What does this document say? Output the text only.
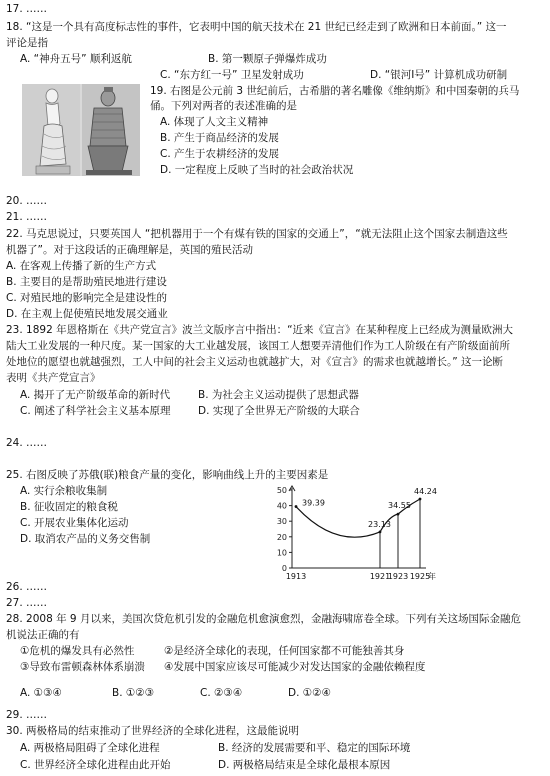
17. ……
18. “这是一个具有高度标志性的事件，它表明中国的航天技术在 21 世纪已经走到了欧洲和日本前面。” 这一
评论是指
A. “神舟五号” 顺利返航	B. 第一颗原子弹爆炸成功
C. “东方红一号” 卫星发射成功	D. “银河Ⅰ号” 计算机成功研制
19. 右图是公元前 3 世纪前后，古希腊的著名雕像《维纳斯》和中国秦朝的兵马
俑。下列对两者的表述准确的是
A. 体现了人文主义精神
B. 产生于商品经济的发展
C. 产生于农耕经济的发展
D. 一定程度上反映了当时的社会政治状况
20. ……
21. ……
22. 马克思说过，只要英国人 “把机器用于一个有煤有铁的国家的交通上”，“就无法阻止这个国家去制造这些
机器了”。对于这段话的正确理解是，英国的殖民活动
A. 在客观上传播了新的生产方式
B. 主要目的是帮助殖民地进行建设
C. 对殖民地的影响完全是建设性的
D. 在主观上促使殖民地发展交通业
23. 1892 年恩格斯在《共产党宣言》波兰文版序言中指出：“近来《宣言》在某种程度上已经成为测量欧洲大
陆大工业发展的一种尺度。某一国家的大工业越发展，该国工人想要弄清他们作为工人阶级在有产阶级面前所
处地位的愿望也就越强烈，工人中间的社会主义运动也就越扩大，对《宣言》的需求也就越增长。” 这一论断
表明《共产党宣言》
A. 揭开了无产阶级革命的新时代	B. 为社会主义运动提供了思想武器
C. 阐述了科学社会主义基本原理	D. 实现了全世界无产阶级的大联合
24. ……
25. 右图反映了苏俄(联)粮食产量的变化，影响曲线上升的主要因素是
A. 实行余粮收集制
B. 征收固定的粮食税
C. 开展农业集体化运动
D. 取消农产品的义务交售制
50
40
30
20
10
0
39.39
23.13
34.55
44.24
1913	1921
1923 1925
年
26. ……
27. ……
28. 2008 年 9 月以来，美国次贷危机引发的金融危机愈演愈烈，金融海啸席卷全球。下列有关这场国际金融危
机说法正确的有
①危机的爆发具有必然性	②是经济全球化的表现，任何国家都不可能独善其身
③导致布雷顿森林体系崩溃 ④发展中国家应该尽可能减少对发达国家的金融依赖程度
A. ①③④	B. ①②③	C. ②③④	D. ①②④
29. ……
30. 两极格局的结束推动了世界经济的全球化进程，这最能说明
A. 两极格局阻碍了全球化进程	B. 经济的发展需要和平、稳定的国际环境
C. 世界经济全球化进程由此开始	D. 两极格局结束是全球化最根本原因
